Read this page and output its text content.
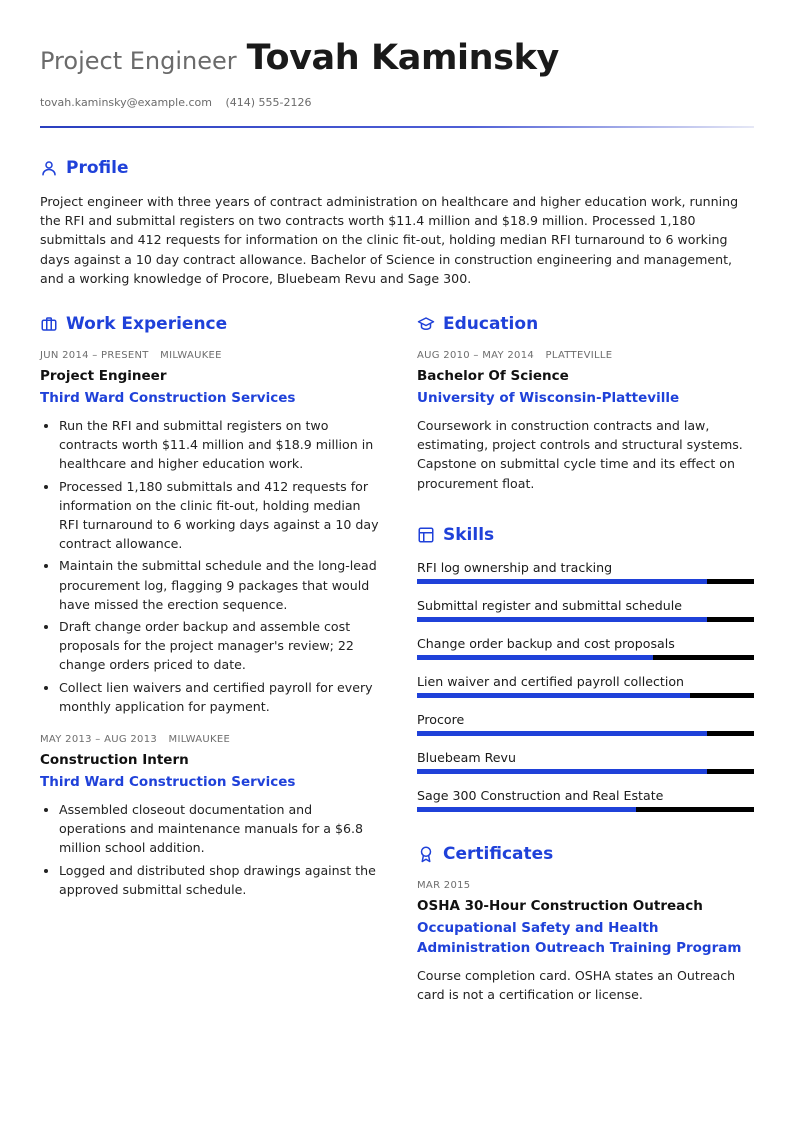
Project Engineer Tovah Kaminsky
tovah.kaminsky@example.com (414) 555-2126
Profile
Project engineer with three years of contract administration on healthcare and higher education work, running the RFI and submittal registers on two contracts worth $11.4 million and $18.9 million. Processed 1,180 submittals and 412 requests for information on the clinic fit-out, holding median RFI turnaround to 6 working days against a 10 day contract allowance. Bachelor of Science in construction engineering and management, and a working knowledge of Procore, Bluebeam Revu and Sage 300.
Work Experience
JUN 2014 – PRESENT MILWAUKEE
Project Engineer
Third Ward Construction Services
• Run the RFI and submittal registers on two contracts worth $11.4 million and $18.9 million in healthcare and higher education work.
• Processed 1,180 submittals and 412 requests for information on the clinic fit-out, holding median RFI turnaround to 6 working days against a 10 day contract allowance.
• Maintain the submittal schedule and the long-lead procurement log, flagging 9 packages that would have missed the erection sequence.
• Draft change order backup and assemble cost proposals for the project manager's review; 22 change orders priced to date.
• Collect lien waivers and certified payroll for every monthly application for payment.
MAY 2013 – AUG 2013 MILWAUKEE
Construction Intern
Third Ward Construction Services
• Assembled closeout documentation and operations and maintenance manuals for a $6.8 million school addition.
• Logged and distributed shop drawings against the approved submittal schedule.
Education
AUG 2010 – MAY 2014 PLATTEVILLE
Bachelor Of Science
University of Wisconsin-Platteville
Coursework in construction contracts and law, estimating, project controls and structural systems. Capstone on submittal cycle time and its effect on procurement float.
Skills
RFI log ownership and tracking
Submittal register and submittal schedule
Change order backup and cost proposals
Lien waiver and certified payroll collection
Procore
Bluebeam Revu
Sage 300 Construction and Real Estate
Certificates
MAR 2015
OSHA 30-Hour Construction Outreach
Occupational Safety and Health Administration Outreach Training Program
Course completion card. OSHA states an Outreach card is not a certification or license.
